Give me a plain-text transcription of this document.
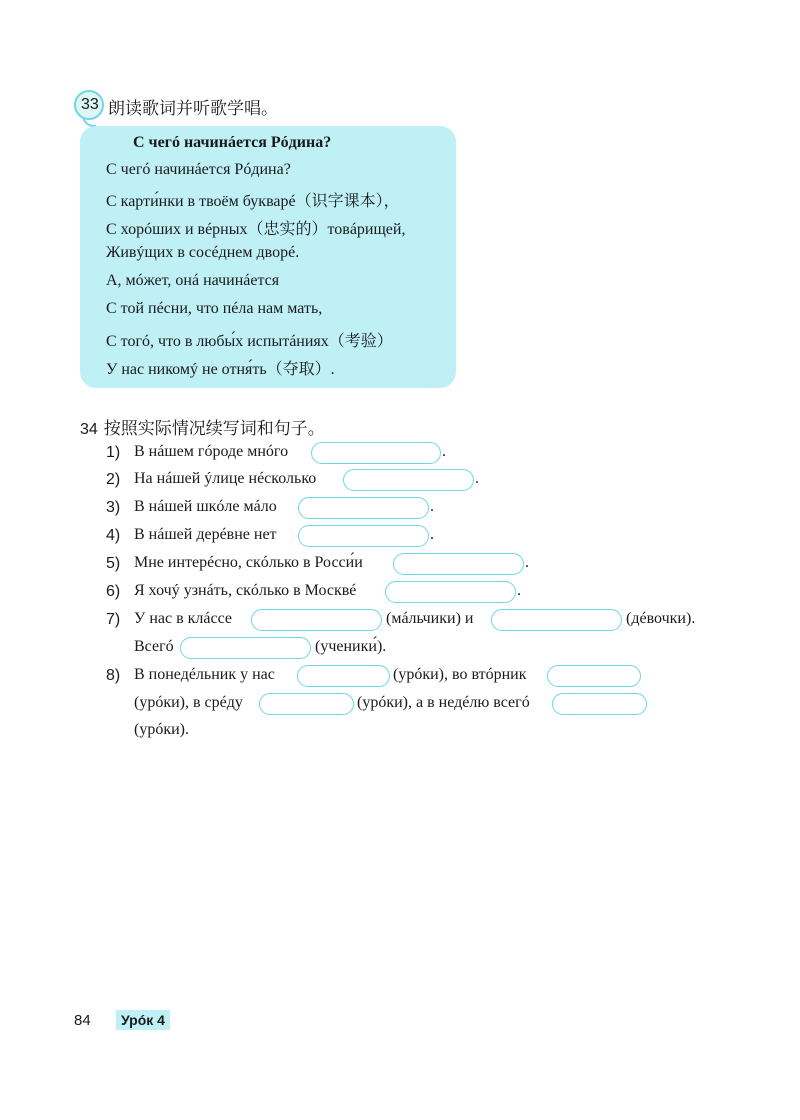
33 朗读歌词并听歌学唱。
С чегó начинáется Рóдина?
С чегó начинáется Рóдина?
С карти́нки в твоём букварé（识字课本），
С хорóших и вéрных（忠实的）товáрищей,
Живýщих в сосéднем дворé.
А, мóжет, онá начинáется
С той пéсни, что пéла нам мать,
С тогó, что в любы́х испытáниях（考验）
У нас никомý не отня́ть（夺取）.
34 按照实际情况续写词和句子。
1) В нáшем гóроде мнóго	.
2) На нáшей ýлице нéсколько	.
3) В нáшей шкóле мáло	.
4) В нáшей дерéвне нет	.
5) Мне интерéсно, скóлько в Росси́и	.
6) Я хочý узнáть, скóлько в Москвé	.
7) У нас в клáссе	(мáльчики) и	(дéвочки).
Всегó	(ученики́).
8) В понедéльник у нас	(урóки), во втóрник
(урóки), в срéду	(урóки), а в недéлю всегó
(урóки).
84	Урóк 4
